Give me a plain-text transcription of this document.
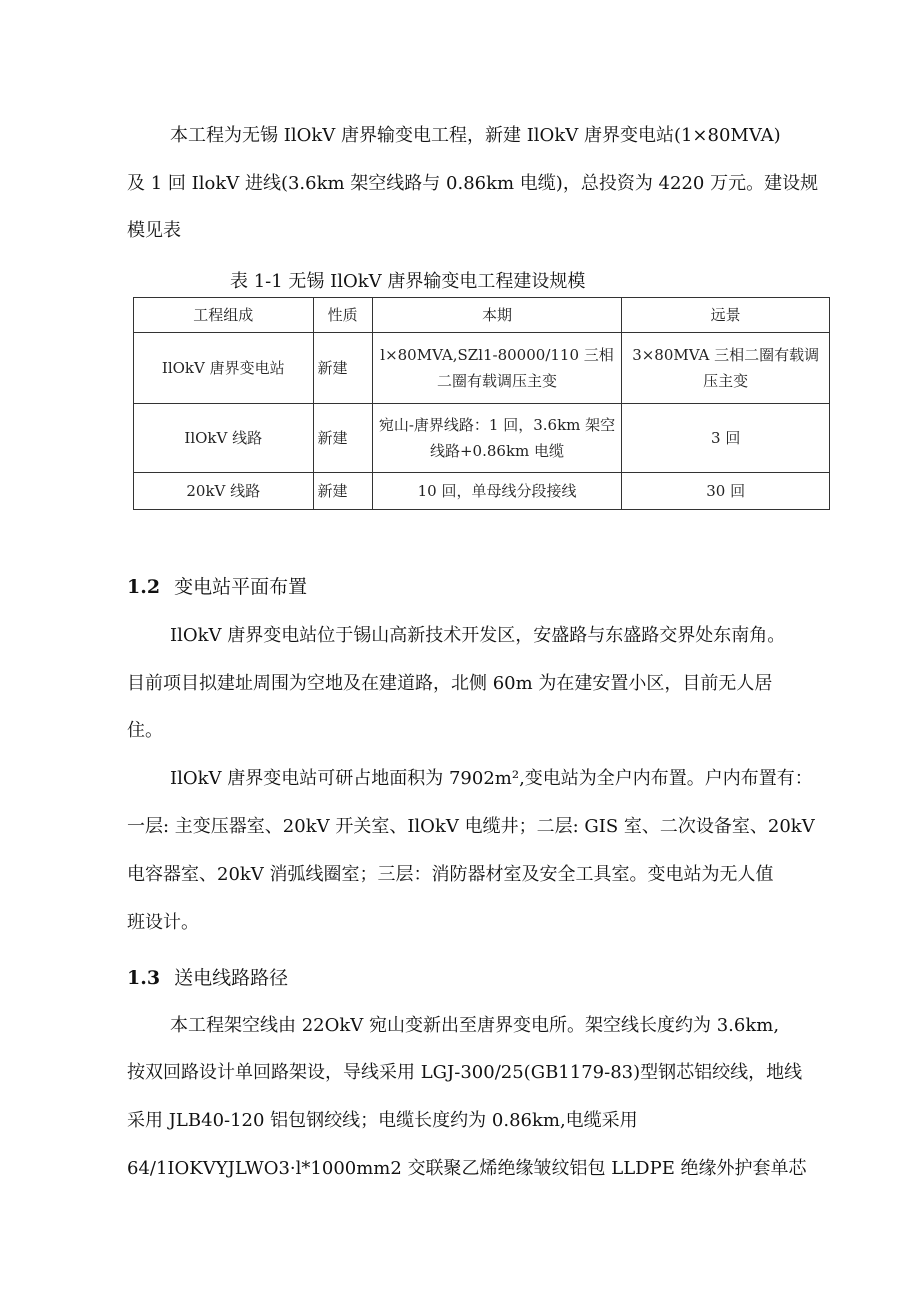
本工程为无锡 IlOkV 唐界输变电工程，新建 IlOkV 唐界变电站(1×80MVA)
及 1 回 IlokV 进线(3.6km 架空线路与 0.86km 电缆)，总投资为 4220 万元。建设规
模见表
表 1-1 无锡 IlOkV 唐界输变电工程建设规模
工程组成	性质	本期	远景
IlOkV 唐界变电站	新建	l×80MVA,SZl1-80000/110 三相二圈有载调压主变	3×80MVA 三相二圈有载调压主变
IlOkV 线路	新建	宛山-唐界线路：1 回，3.6km 架空线路+0.86km 电缆	3 回
20kV 线路	新建	10 回，单母线分段接线	30 回
1.2 变电站平面布置
IlOkV 唐界变电站位于锡山高新技术开发区，安盛路与东盛路交界处东南角。
目前项目拟建址周围为空地及在建道路，北侧 60m 为在建安置小区，目前无人居
住。
IlOkV 唐界变电站可研占地面积为 7902m²,变电站为全户内布置。户内布置有：
一层: 主变压器室、20kV 开关室、IlOkV 电缆井；二层: GIS 室、二次设备室、20kV
电容器室、20kV 消弧线圈室；三层：消防器材室及安全工具室。变电站为无人值
班设计。
1.3 送电线路路径
本工程架空线由 22OkV 宛山变新出至唐界变电所。架空线长度约为 3.6km,
按双回路设计单回路架设，导线采用 LGJ-300∕25(GB1179-83)型钢芯铝绞线，地线
采用 JLB40-120 铝包钢绞线；电缆长度约为 0.86km,电缆采用
64/1IOKVYJLWO3·l*1000mm2 交联聚乙烯绝缘皱纹铝包 LLDPE 绝缘外护套单芯
